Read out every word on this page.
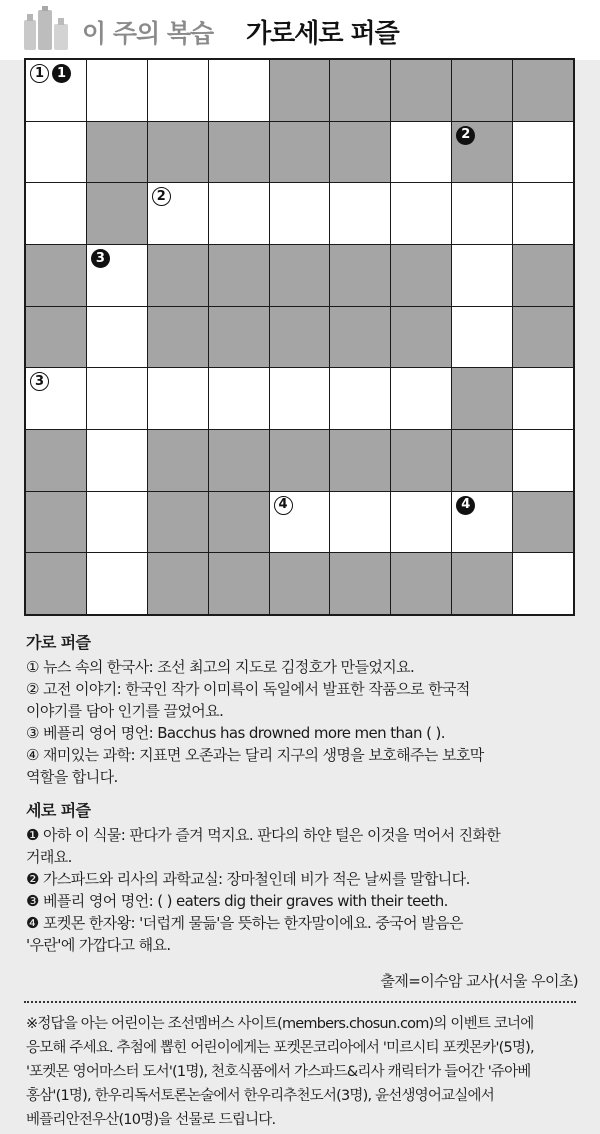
이 주의 복습 가로세로 퍼즐
1 1
2
2
3
3
4	4
가로 퍼즐
① 뉴스 속의 한국사: 조선 최고의 지도로 김정호가 만들었지요.
② 고전 이야기: 한국인 작가 이미륵이 독일에서 발표한 작품으로 한국적
이야기를 담아 인기를 끌었어요.
③ 베플리 영어 명언: Bacchus has drowned more men than ( ).
④ 재미있는 과학: 지표면 오존과는 달리 지구의 생명을 보호해주는 보호막
역할을 합니다.
세로 퍼즐
❶ 아하 이 식물: 판다가 즐겨 먹지요. 판다의 하얀 털은 이것을 먹어서 진화한
거래요.
❷ 가스파드와 리사의 과학교실: 장마철인데 비가 적은 날씨를 말합니다.
❸ 베플리 영어 명언: ( ) eaters dig their graves with their teeth.
❹ 포켓몬 한자왕: '더럽게 물듦'을 뜻하는 한자말이에요. 중국어 발음은
'우란'에 가깝다고 해요.
출제=이수암 교사(서울 우이초)
※정답을 아는 어린이는 조선멤버스 사이트(members.chosun.com)의 이벤트 코너에
응모해 주세요. 추첨에 뽑힌 어린이에게는 포켓몬코리아에서 '미르시티 포켓몬카'(5명),
'포켓몬 영어마스터 도서'(1명), 천호식품에서 가스파드&리사 캐릭터가 들어간 '쥬아베
홍삼'(1명), 한우리독서토론논술에서 한우리추천도서(3명), 윤선생영어교실에서
베플리안전우산(10명)을 선물로 드립니다.
